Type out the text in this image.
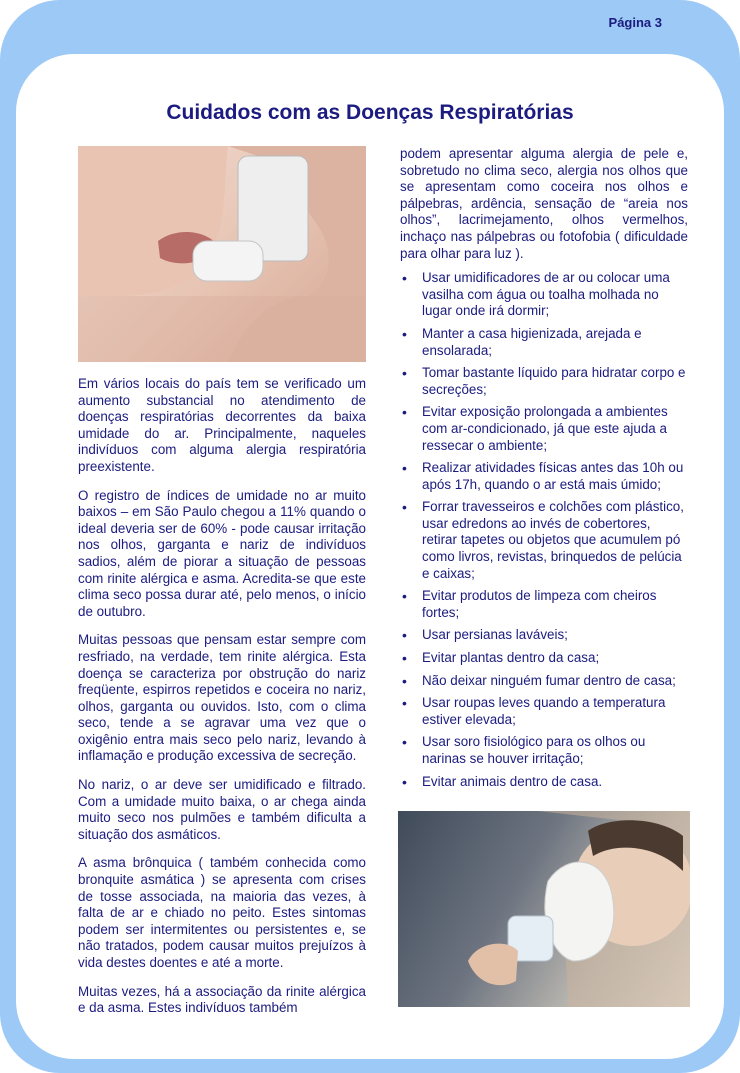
Página 3
Cuidados com as Doenças Respiratórias

Em vários locais do país tem se verificado um aumento substancial no atendimento de doenças respiratórias decorrentes da baixa umidade do ar. Principalmente, naqueles indivíduos com alguma alergia respiratória preexistente.

O registro de índices de umidade no ar muito baixos – em São Paulo chegou a 11% quando o ideal deveria ser de 60% - pode causar irritação nos olhos, garganta e nariz de indivíduos sadios, além de piorar a situação de pessoas com rinite alérgica e asma. Acredita-se que este clima seco possa durar até, pelo menos, o início de outubro.

Muitas pessoas que pensam estar sempre com resfriado, na verdade, tem rinite alérgica. Esta doença se caracteriza por obstrução do nariz freqüente, espirros repetidos e coceira no nariz, olhos, garganta ou ouvidos. Isto, com o clima seco, tende a se agravar uma vez que o oxigênio entra mais seco pelo nariz, levando à inflamação e produção excessiva de secreção.

No nariz, o ar deve ser umidificado e filtrado. Com a umidade muito baixa, o ar chega ainda muito seco nos pulmões e também dificulta a situação dos asmáticos.

A asma brônquica ( também conhecida como bronquite asmática ) se apresenta com crises de tosse associada, na maioria das vezes, à falta de ar e chiado no peito. Estes sintomas podem ser intermitentes ou persistentes e, se não tratados, podem causar muitos prejuízos à vida destes doentes e até a morte.

Muitas vezes, há a associação da rinite alérgica e da asma. Estes indivíduos também

podem apresentar alguma alergia de pele e, sobretudo no clima seco, alergia nos olhos que se apresentam como coceira nos olhos e pálpebras, ardência, sensação de “areia nos olhos”, lacrimejamento, olhos vermelhos, inchaço nas pálpebras ou fotofobia ( dificuldade para olhar para luz ).

• Usar umidificadores de ar ou colocar uma vasilha com água ou toalha molhada no lugar onde irá dormir;
• Manter a casa higienizada, arejada e ensolarada;
• Tomar bastante líquido para hidratar corpo e secreções;
• Evitar exposição prolongada a ambientes com ar-condicionado, já que este ajuda a ressecar o ambiente;
• Realizar atividades físicas antes das 10h ou após 17h, quando o ar está mais úmido;
• Forrar travesseiros e colchões com plástico, usar edredons ao invés de cobertores, retirar tapetes ou objetos que acumulem pó como livros, revistas, brinquedos de pelúcia e caixas;
• Evitar produtos de limpeza com cheiros fortes;
• Usar persianas laváveis;
• Evitar plantas dentro da casa;
• Não deixar ninguém fumar dentro de casa;
• Usar roupas leves quando a temperatura estiver elevada;
• Usar soro fisiológico para os olhos ou narinas se houver irritação;
• Evitar animais dentro de casa.
